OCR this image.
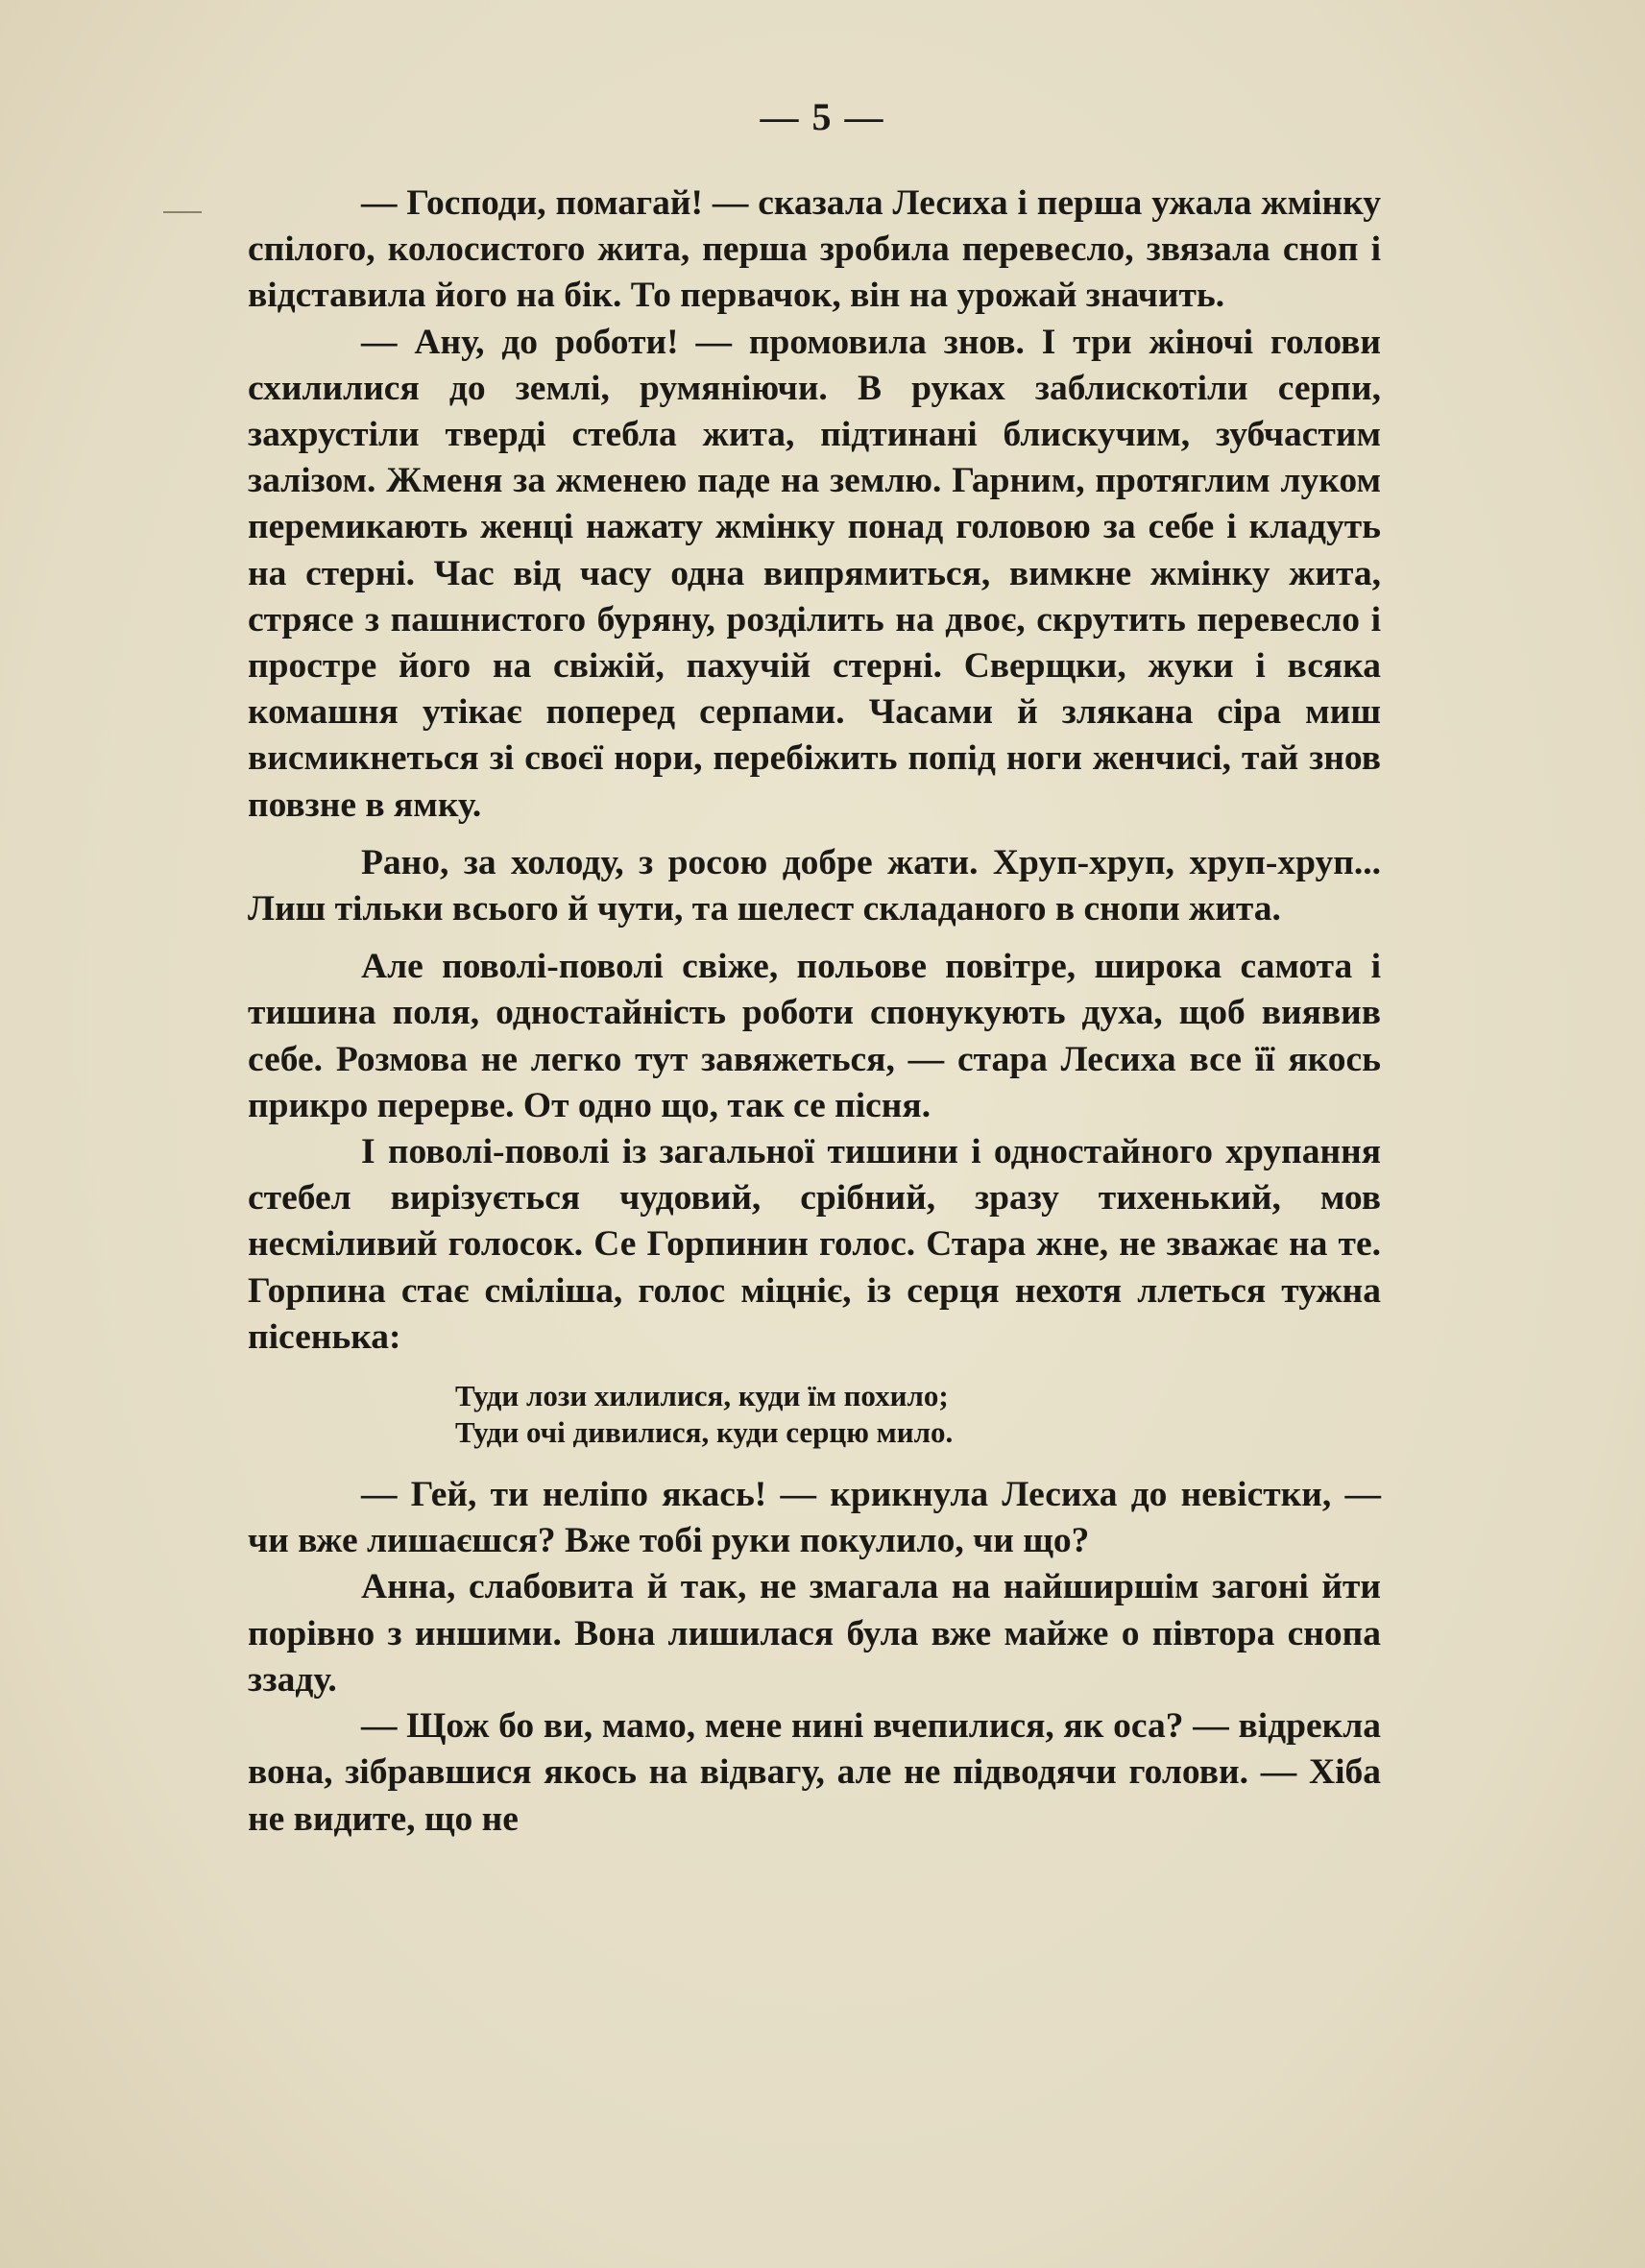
— 5 —

— Господи, помагай! — сказала Лесиха і перша ужала жмінку спілого, колосистого жита, перша зробила перевесло, звязала сноп і відставила його на бік. То первачок, він на урожай значить.

— Ану, до роботи! — промовила знов. І три жіночі голови схилилися до землі, румяніючи. В руках заблискотіли серпи, захрустіли тверді стебла жита, підтинані блискучим, зубчастим залізом. Жменя за жменею паде на землю. Гарним, протяглим луком перемикають женці нажату жмінку понад головою за себе і кладуть на стерні. Час від часу одна випрямиться, вимкне жмінку жита, стрясе з пашнистого буряну, розділить на двоє, скрутить перевесло і простре його на свіжій, пахучій стерні. Сверщки, жуки і всяка комашня утікає поперед серпами. Часами й злякана сіра миш висмикнеться зі своєї нори, перебіжить попід ноги женчисі, тай знов повзне в ямку.

Рано, за холоду, з росою добре жати. Хруп-хруп, хруп-хруп... Лиш тільки всього й чути, та шелест складаного в снопи жита.

Але поволі-поволі свіже, польове повітре, широка самота і тишина поля, одностайність роботи спонукують духа, щоб виявив себе. Розмова не легко тут завяжеться, — стара Лесиха все її якось прикро перерве. От одно що, так се пісня.

І поволі-поволі із загальної тишини і одностайного хрупання стебел вирізується чудовий, срібний, зразу тихенький, мов несміливий голосок. Се Горпинин голос. Стара жне, не зважає на те. Горпина стає сміліша, голос міцніє, із серця нехотя ллеться тужна пісенька:

Туди лози хилилися, куди їм похило;
Туди очі дивилися, куди серцю мило.

— Гей, ти неліпо якась! — крикнула Лесиха до невістки, — чи вже лишаєшся? Вже тобі руки покулило, чи що?

Анна, слабовита й так, не змагала на найширшім загоні йти порівно з иншими. Вона лишилася була вже майже о півтора снопа ззаду.

— Щож бо ви, мамо, мене нині вчепилися, як оса? — відрекла вона, зібравшися якось на відвагу, але не підводячи голови. — Хіба не видите, що не
